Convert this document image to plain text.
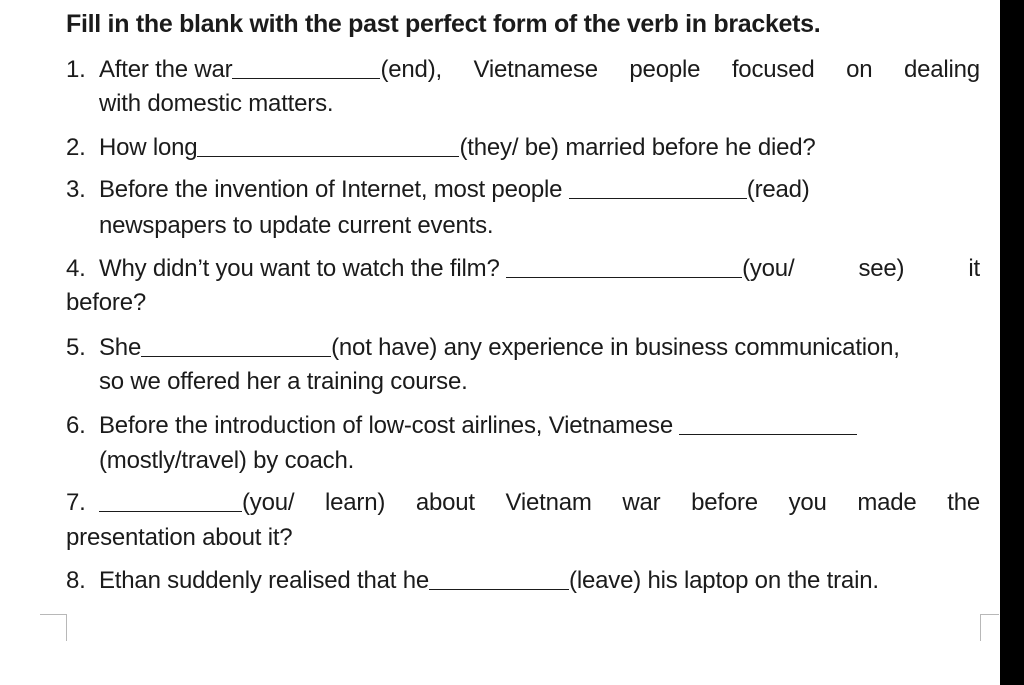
Fill in the blank with the past perfect form of the verb in brackets.
1. After the war	(end), Vietnamese people focused on dealing
with domestic matters.
2. How long	(they/ be) married before he died?
3. Before the invention of Internet, most people	(read)
newspapers to update current events.
4. Why didn’t you want to watch the film?	(you/	see)	it
before?
5. She	(not have) any experience in business communication,
so we offered her a training course.
6. Before the introduction of low-cost airlines, Vietnamese
(mostly/travel) by coach.
7.	(you/ learn) about Vietnam war before you made the
presentation about it?
8. Ethan suddenly realised that he	(leave) his laptop on the train.
